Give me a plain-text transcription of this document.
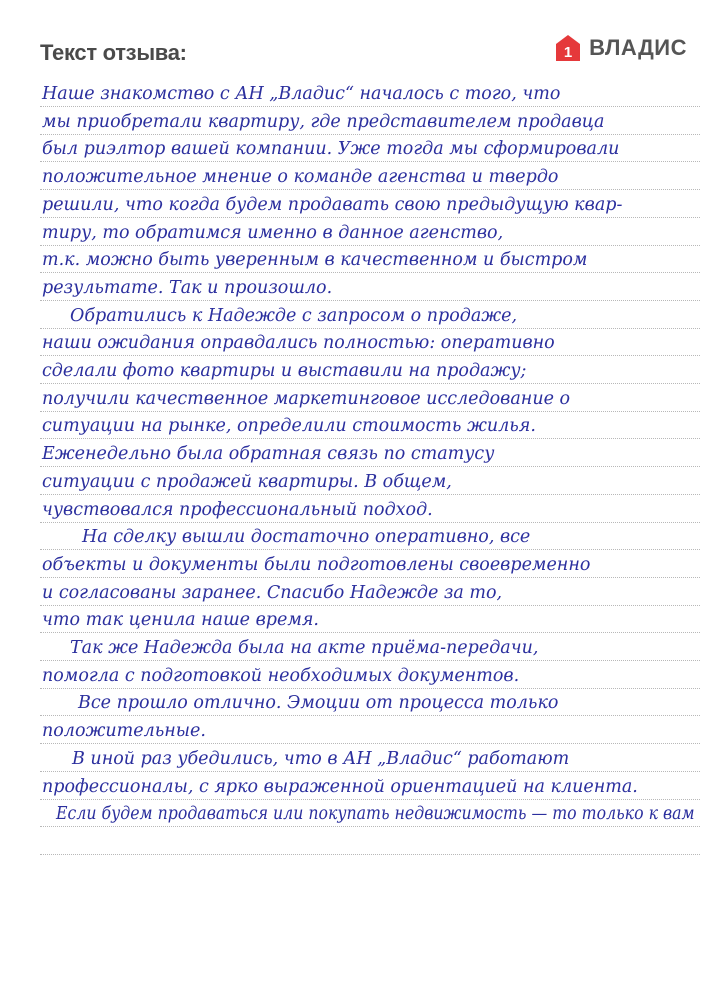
Текст отзыва:	1 ВЛАДИС
Наше знакомство с АН „Владис“ началось с того, что
мы приобретали квартиру, где представителем продавца
был риэлтор вашей компании. Уже тогда мы сформировали
положительное мнение о команде агенства и твердо
решили, что когда будем продавать свою предыдущую квар-
тиру, то обратимся именно в данное агенство,
т.к. можно быть уверенным в качественном и быстром
результате. Так и произошло.
Обратились к Надежде с запросом о продаже,
наши ожидания оправдались полностью: оперативно
сделали фото квартиры и выставили на продажу;
получили качественное маркетинговое исследование о
ситуации на рынке, определили стоимость жилья.
Еженедельно была обратная связь по статусу
ситуации с продажей квартиры. В общем,
чувствовался профессиональный подход.
На сделку вышли достаточно оперативно, все
объекты и документы были подготовлены своевременно
и согласованы заранее. Спасибо Надежде за то,
что так ценила наше время.
Так же Надежда была на акте приёма-передачи,
помогла с подготовкой необходимых документов.
Все прошло отлично. Эмоции от процесса только
положительные.
В иной раз убедились, что в АН „Владис“ работают
профессионалы, с ярко выраженной ориентацией на клиента.
Если будем продаваться или покупать недвижимость — то только к вам
